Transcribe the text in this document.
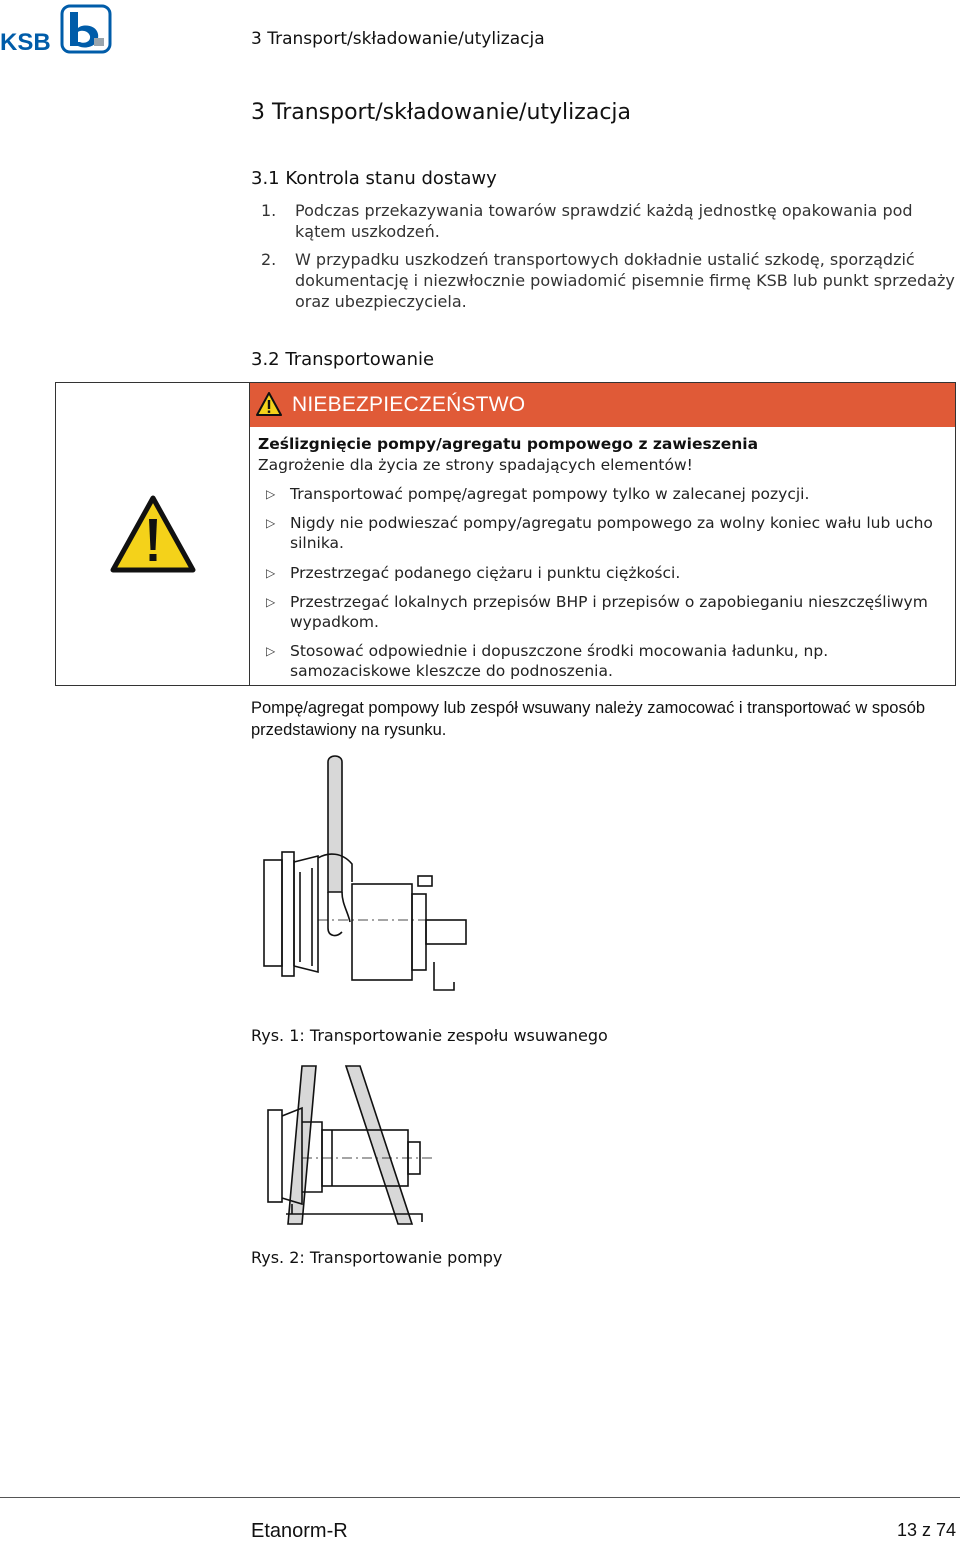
KSB	3 Transport/składowanie/utylizacja
3 Transport/składowanie/utylizacja
3.1 Kontrola stanu dostawy
1. Podczas przekazywania towarów sprawdzić każdą jednostkę opakowania pod kątem uszkodzeń.
2. W przypadku uszkodzeń transportowych dokładnie ustalić szkodę, sporządzić dokumentację i niezwłocznie powiadomić pisemnie firmę KSB lub punkt sprzedaży oraz ubezpieczyciela.
3.2 Transportowanie
NIEBEZPIECZEŃSTWO
Ześlizgnięcie pompy/agregatu pompowego z zawieszenia
Zagrożenie dla życia ze strony spadających elementów!
▷ Transportować pompę/agregat pompowy tylko w zalecanej pozycji.
▷ Nigdy nie podwieszać pompy/agregatu pompowego za wolny koniec wału lub ucho silnika.
▷ Przestrzegać podanego ciężaru i punktu ciężkości.
▷ Przestrzegać lokalnych przepisów BHP i przepisów o zapobieganiu nieszczęśliwym wypadkom.
▷ Stosować odpowiednie i dopuszczone środki mocowania ładunku, np. samozaciskowe kleszcze do podnoszenia.
Pompę/agregat pompowy lub zespół wsuwany należy zamocować i transportować w sposób przedstawiony na rysunku.
Rys. 1: Transportowanie zespołu wsuwanego
Rys. 2: Transportowanie pompy
Etanorm-R	13 z 74
